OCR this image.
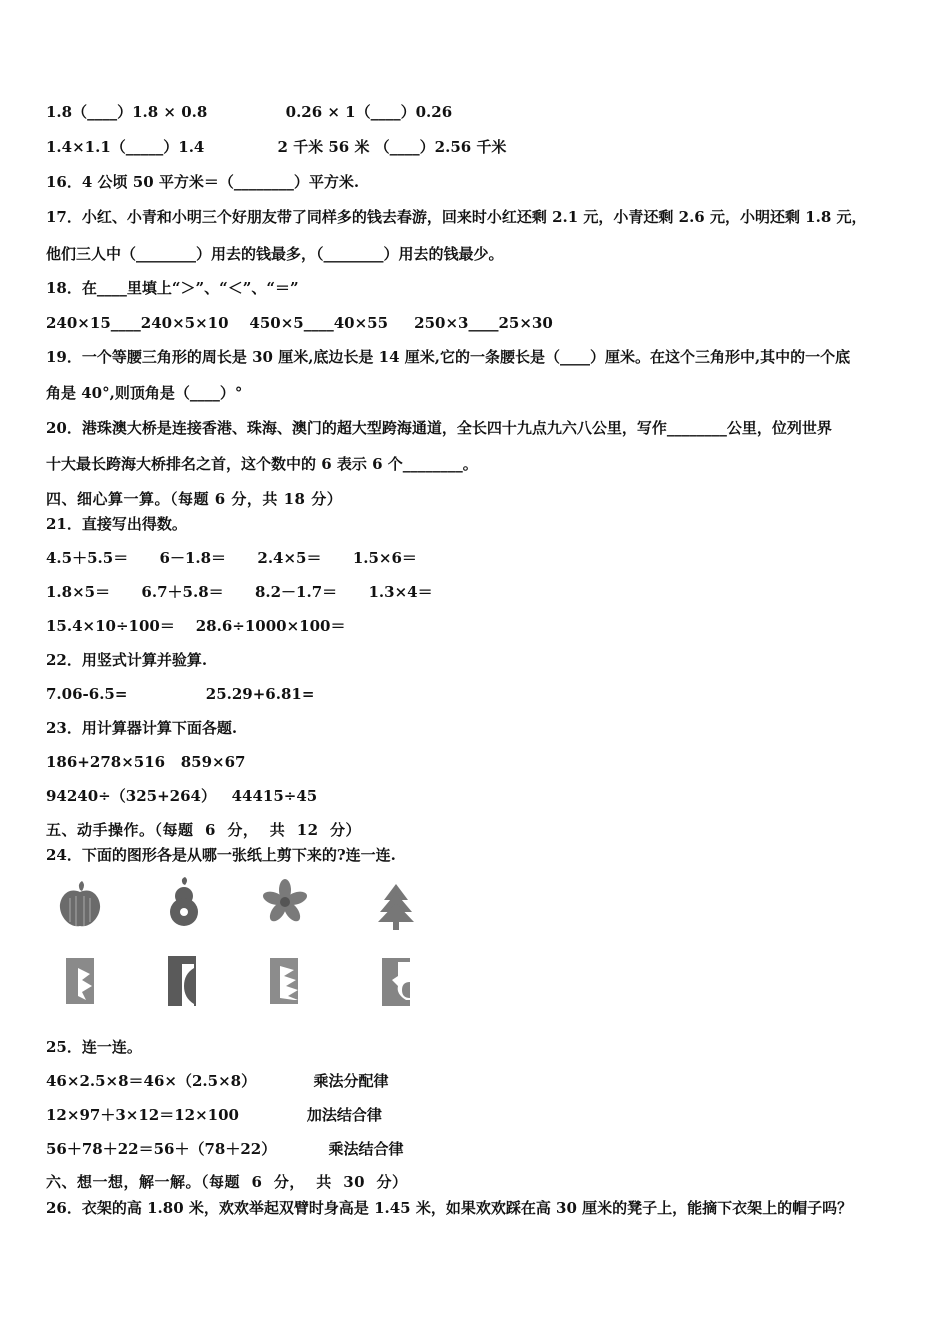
1.8（____）1.8 × 0.8               0.26 × 1（____）0.26
1.4×1.1（_____）1.4              2 千米 56 米 （____）2.56 千米
16．4 公顷 50 平方米＝（________）平方米.
17．小红、小青和小明三个好朋友带了同样多的钱去春游，回来时小红还剩 2.1 元，小青还剩 2.6 元，小明还剩 1.8 元，
他们三人中（________）用去的钱最多，（________）用去的钱最少。
18．在____里填上“＞”、“＜”、“＝”
240×15____240×5×10    450×5____40×55     250×3____25×30
19．一个等腰三角形的周长是 30 厘米,底边长是 14 厘米,它的一条腰长是（____）厘米。在这个三角形中,其中的一个底
角是 40°,则顶角是（____）°
20．港珠澳大桥是连接香港、珠海、澳门的超大型跨海通道，全长四十九点九六八公里，写作________公里，位列世界
十大最长跨海大桥排名之首，这个数中的 6 表示 6 个________。
四、细心算一算。（每题 6 分，共 18 分）
21．直接写出得数。
4.5＋5.5＝      6－1.8＝      2.4×5＝      1.5×6＝
1.8×5＝      6.7＋5.8＝      8.2－1.7＝      1.3×4＝
15.4×10÷100＝    28.6÷1000×100＝
22．用竖式计算并验算.
7.06-6.5=               25.29+6.81=
23．用计算器计算下面各题.
186+278×516   859×67
94240÷（325+264）   44415÷45
五、动手操作。（每题  6  分，  共  12  分）
24．下面的图形各是从哪一张纸上剪下来的?连一连.
25．连一连。
46×2.5×8＝46×（2.5×8）           乘法分配律
12×97＋3×12＝12×100             加法结合律
56＋78＋22＝56＋（78＋22）          乘法结合律
六、想一想，解一解。（每题  6  分，  共  30  分）
26．衣架的高 1.80 米，欢欢举起双臂时身高是 1.45 米，如果欢欢踩在高 30 厘米的凳子上，能摘下衣架上的帽子吗？
